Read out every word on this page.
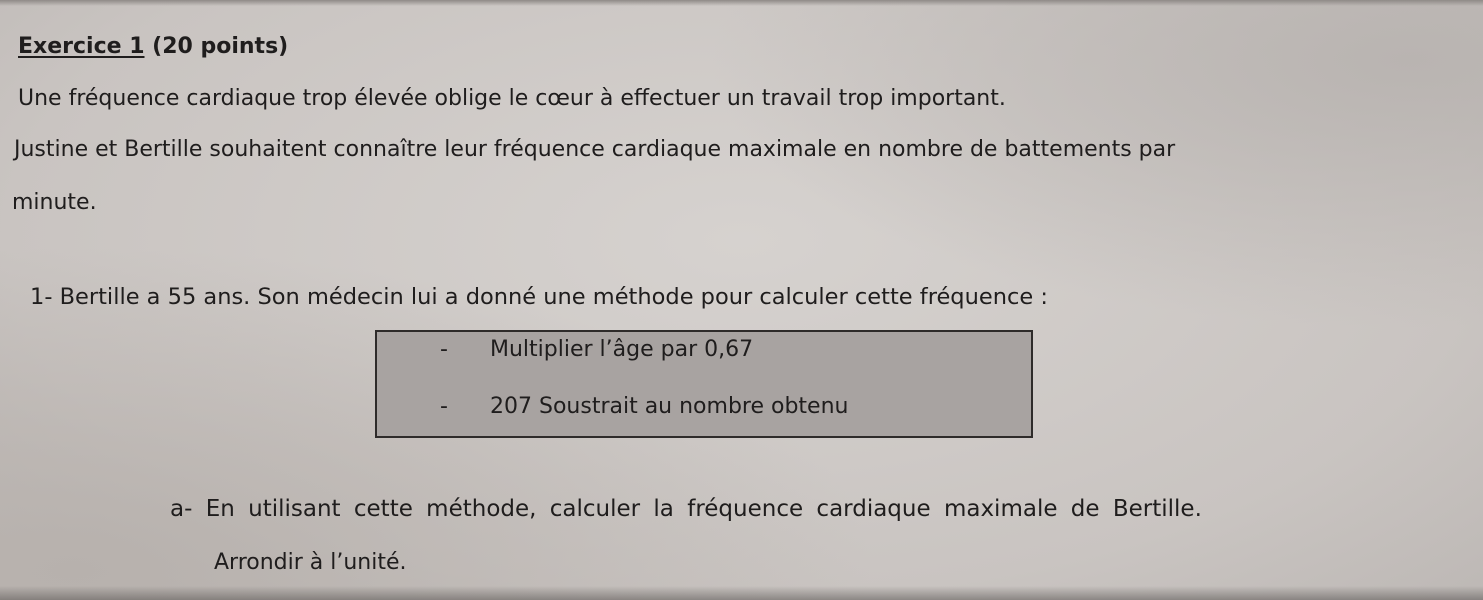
Exercice 1 (20 points)
Une fréquence cardiaque trop élevée oblige le cœur à effectuer un travail trop important.
Justine et Bertille souhaitent connaître leur fréquence cardiaque maximale en nombre de battements par
minute.
1- Bertille a 55 ans. Son médecin lui a donné une méthode pour calculer cette fréquence :
- Multiplier l’âge par 0,67
- 207 Soustrait au nombre obtenu
a- En utilisant cette méthode, calculer la fréquence cardiaque maximale de Bertille.
Arrondir à l’unité.
